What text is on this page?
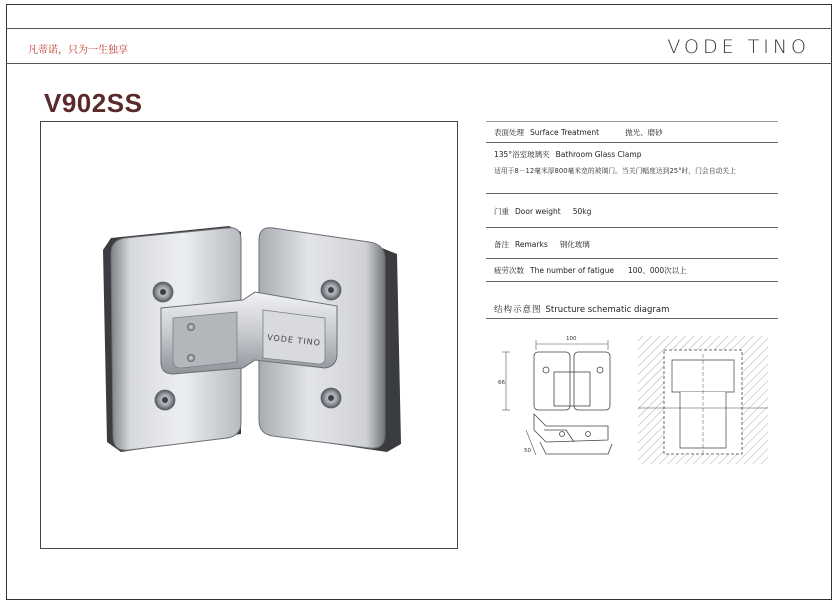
凡蒂诺，只为一生独享	VODE TINO
V902SS
VODE TINO
表面处理 Surface Treatment	抛光、磨砂
135°浴室玻璃夹 Bathroom Glass Clamp
适用于8－12毫米厚800毫米宽的玻璃门。当关门幅度达到25°时，门会自动关上
门重 Door weight 50kg
备注 Remarks 钢化玻璃
疲劳次数 The number of fatigue 100、000次以上
结构示意图 Structure schematic diagram
100
66
50
